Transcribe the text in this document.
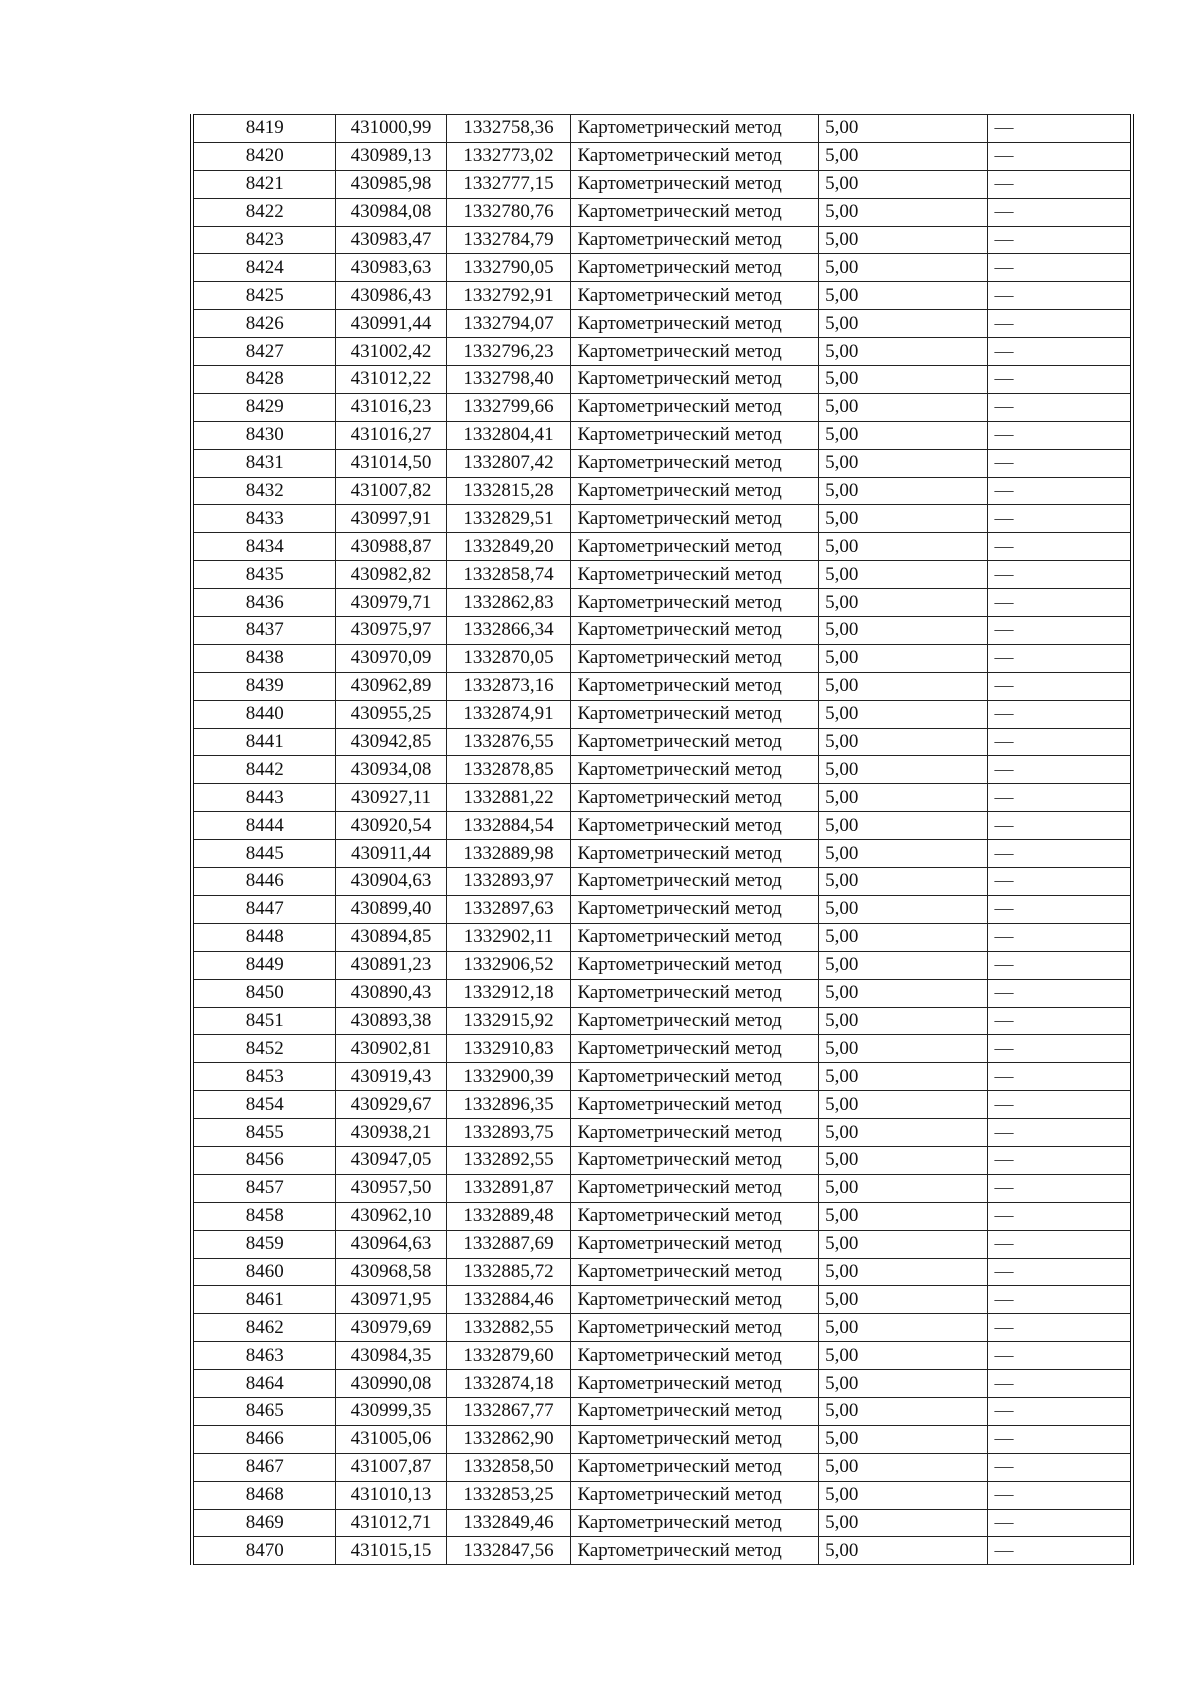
8419	431000,99	1332758,36	Картометрический метод	5,00	—
8420	430989,13	1332773,02	Картометрический метод	5,00	—
8421	430985,98	1332777,15	Картометрический метод	5,00	—
8422	430984,08	1332780,76	Картометрический метод	5,00	—
8423	430983,47	1332784,79	Картометрический метод	5,00	—
8424	430983,63	1332790,05	Картометрический метод	5,00	—
8425	430986,43	1332792,91	Картометрический метод	5,00	—
8426	430991,44	1332794,07	Картометрический метод	5,00	—
8427	431002,42	1332796,23	Картометрический метод	5,00	—
8428	431012,22	1332798,40	Картометрический метод	5,00	—
8429	431016,23	1332799,66	Картометрический метод	5,00	—
8430	431016,27	1332804,41	Картометрический метод	5,00	—
8431	431014,50	1332807,42	Картометрический метод	5,00	—
8432	431007,82	1332815,28	Картометрический метод	5,00	—
8433	430997,91	1332829,51	Картометрический метод	5,00	—
8434	430988,87	1332849,20	Картометрический метод	5,00	—
8435	430982,82	1332858,74	Картометрический метод	5,00	—
8436	430979,71	1332862,83	Картометрический метод	5,00	—
8437	430975,97	1332866,34	Картометрический метод	5,00	—
8438	430970,09	1332870,05	Картометрический метод	5,00	—
8439	430962,89	1332873,16	Картометрический метод	5,00	—
8440	430955,25	1332874,91	Картометрический метод	5,00	—
8441	430942,85	1332876,55	Картометрический метод	5,00	—
8442	430934,08	1332878,85	Картометрический метод	5,00	—
8443	430927,11	1332881,22	Картометрический метод	5,00	—
8444	430920,54	1332884,54	Картометрический метод	5,00	—
8445	430911,44	1332889,98	Картометрический метод	5,00	—
8446	430904,63	1332893,97	Картометрический метод	5,00	—
8447	430899,40	1332897,63	Картометрический метод	5,00	—
8448	430894,85	1332902,11	Картометрический метод	5,00	—
8449	430891,23	1332906,52	Картометрический метод	5,00	—
8450	430890,43	1332912,18	Картометрический метод	5,00	—
8451	430893,38	1332915,92	Картометрический метод	5,00	—
8452	430902,81	1332910,83	Картометрический метод	5,00	—
8453	430919,43	1332900,39	Картометрический метод	5,00	—
8454	430929,67	1332896,35	Картометрический метод	5,00	—
8455	430938,21	1332893,75	Картометрический метод	5,00	—
8456	430947,05	1332892,55	Картометрический метод	5,00	—
8457	430957,50	1332891,87	Картометрический метод	5,00	—
8458	430962,10	1332889,48	Картометрический метод	5,00	—
8459	430964,63	1332887,69	Картометрический метод	5,00	—
8460	430968,58	1332885,72	Картометрический метод	5,00	—
8461	430971,95	1332884,46	Картометрический метод	5,00	—
8462	430979,69	1332882,55	Картометрический метод	5,00	—
8463	430984,35	1332879,60	Картометрический метод	5,00	—
8464	430990,08	1332874,18	Картометрический метод	5,00	—
8465	430999,35	1332867,77	Картометрический метод	5,00	—
8466	431005,06	1332862,90	Картометрический метод	5,00	—
8467	431007,87	1332858,50	Картометрический метод	5,00	—
8468	431010,13	1332853,25	Картометрический метод	5,00	—
8469	431012,71	1332849,46	Картометрический метод	5,00	—
8470	431015,15	1332847,56	Картометрический метод	5,00	—
